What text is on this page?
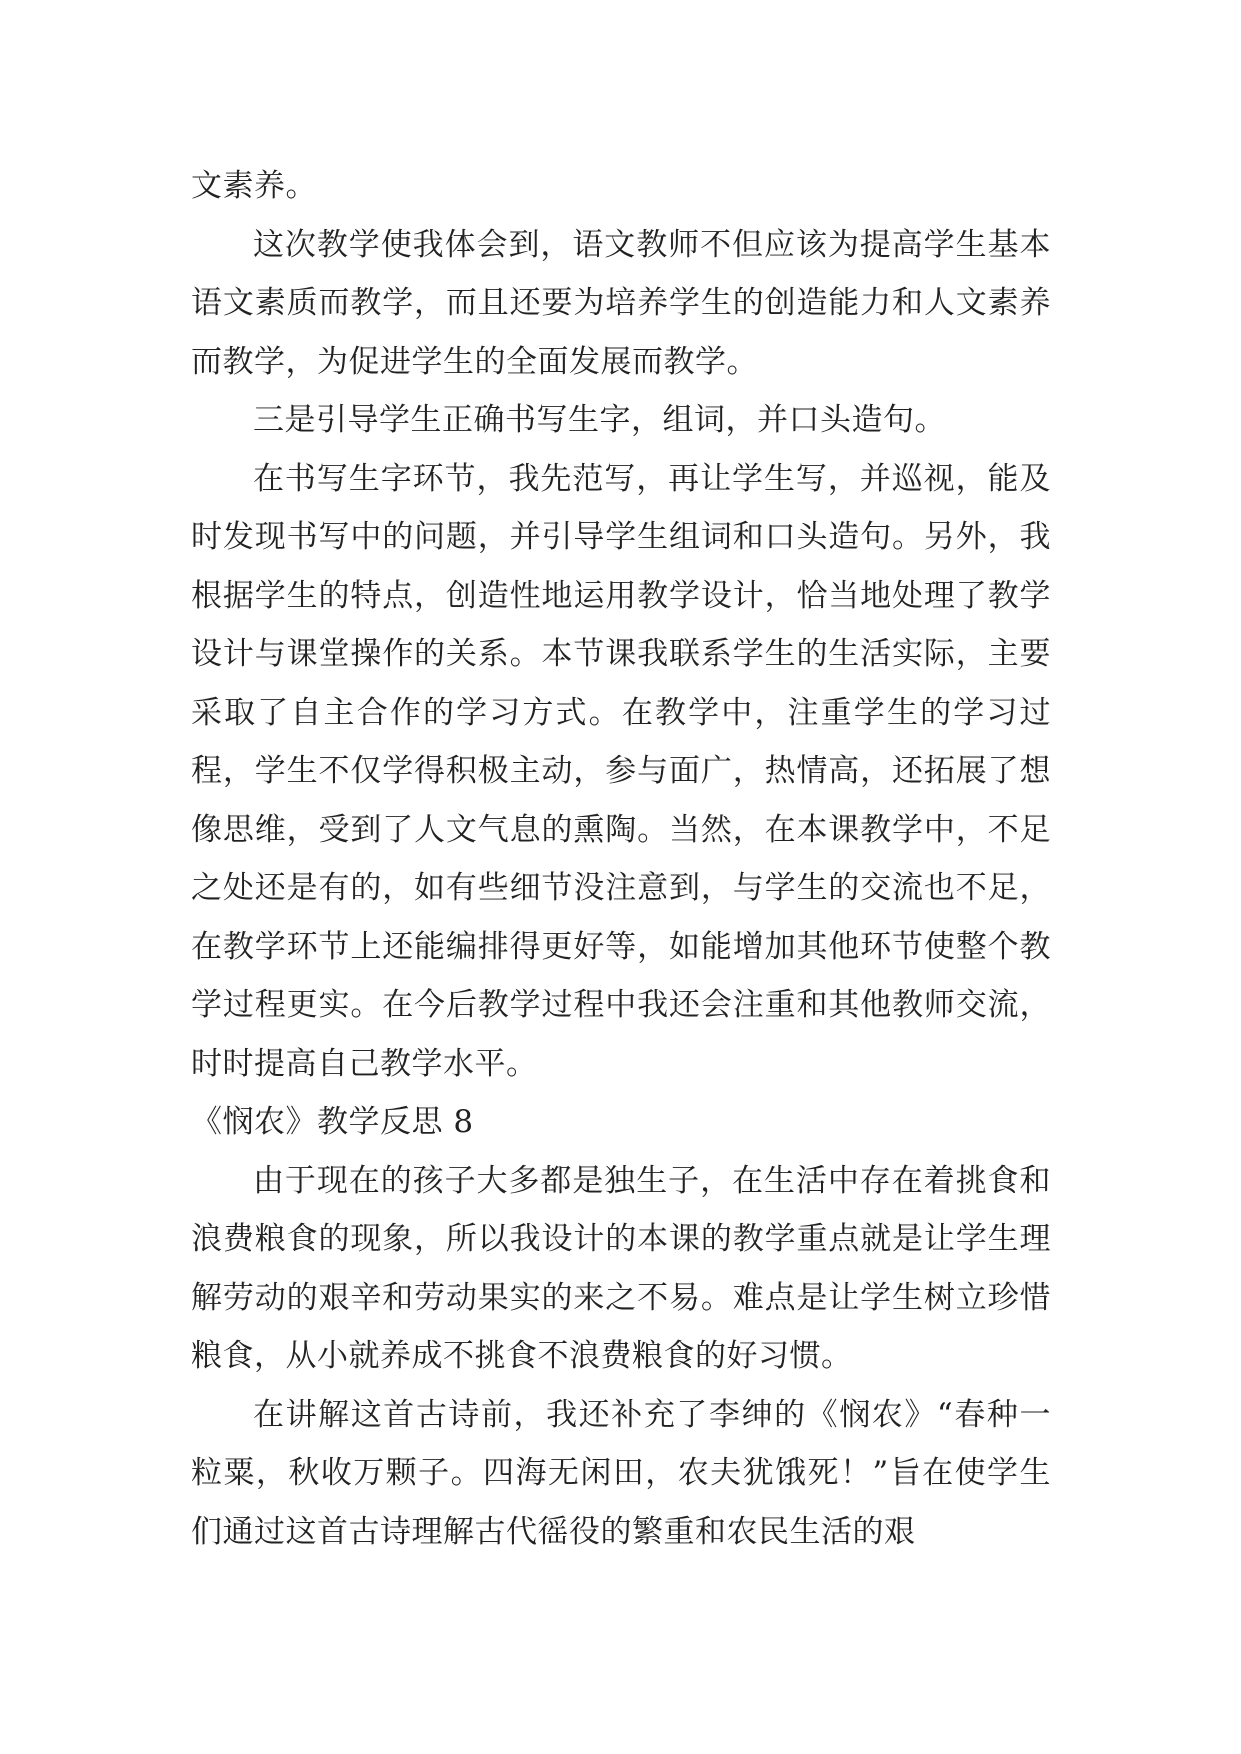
文素养。

这次教学使我体会到，语文教师不但应该为提高学生基本语文素质而教学，而且还要为培养学生的创造能力和人文素养而教学，为促进学生的全面发展而教学。

三是引导学生正确书写生字，组词，并口头造句。

在书写生字环节，我先范写，再让学生写，并巡视，能及时发现书写中的问题，并引导学生组词和口头造句。另外，我根据学生的特点，创造性地运用教学设计，恰当地处理了教学设计与课堂操作的关系。本节课我联系学生的生活实际，主要采取了自主合作的学习方式。在教学中，注重学生的学习过程，学生不仅学得积极主动，参与面广，热情高，还拓展了想像思维，受到了人文气息的熏陶。当然，在本课教学中，不足之处还是有的，如有些细节没注意到，与学生的交流也不足，在教学环节上还能编排得更好等，如能增加其他环节使整个教学过程更实。在今后教学过程中我还会注重和其他教师交流，时时提高自己教学水平。

《悯农》教学反思 8

由于现在的孩子大多都是独生子，在生活中存在着挑食和浪费粮食的现象，所以我设计的本课的教学重点就是让学生理解劳动的艰辛和劳动果实的来之不易。难点是让学生树立珍惜粮食，从小就养成不挑食不浪费粮食的好习惯。

在讲解这首古诗前，我还补充了李绅的《悯农》“春种一粒粟，秋收万颗子。四海无闲田，农夫犹饿死！”旨在使学生们通过这首古诗理解古代徭役的繁重和农民生活的艰
